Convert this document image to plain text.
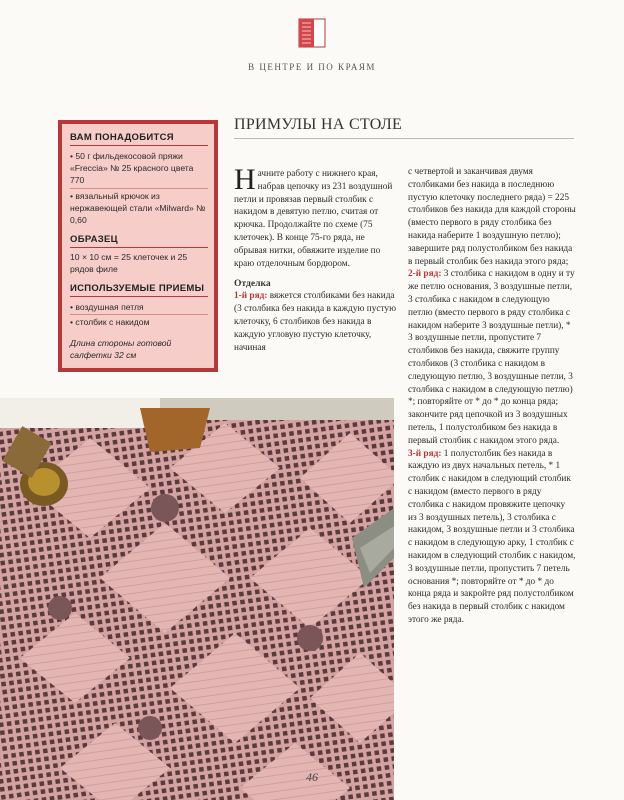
В ЦЕНТРЕ И ПО КРАЯМ
ВАМ ПОНАДОБИТСЯ
• 50 г фильдекосовой пряжи «Freccia» № 25 красного цвета 770
• вязальный крючок из нержавеющей стали «Milward» № 0,60
ОБРАЗЕЦ
10 × 10 см = 25 клеточек и 25 рядов филе
ИСПОЛЬЗУЕМЫЕ ПРИЕМЫ
• воздушная петля
• столбик с накидом
Длина стороны готовой салфетки 32 см
ПРИМУЛЫ НА СТОЛЕ

Начните работу с нижнего края, набрав цепочку из 231 воздушной петли и провязав первый столбик с накидом в девятую петлю, считая от крючка. Продолжайте по схеме (75 клеточек). В конце 75-го ряда, не обрывая нитки, обвяжите изделие по краю отделочным бордюром.

Отделка

1-й ряд: вяжется столбиками без накида (3 столбика без накида в каждую пустую клеточку, 6 столбиков без накида в каждую угловую пустую клеточку, начиная

с четвертой и заканчивая двумя столбиками без накида в последнюю пустую клеточку последнего ряда) = 225 столбиков без накида для каждой стороны (вместо первого в ряду столбика без накида наберите 1 воздушную петлю); завершите ряд полустолбиком без накида в первый столбик без накида этого ряда;

2-й ряд: 3 столбика с накидом в одну и ту же петлю основания, 3 воздушные петли, 3 столбика с накидом в следующую петлю (вместо первого в ряду столбика с накидом наберите 3 воздушные петли), * 3 воздушные петли, пропустите 7 столбиков без накида, свяжите группу столбиков (3 столбика с накидом в следующую петлю, 3 воздушные петли, 3 столбика с накидом в следующую петлю) *; повторяйте от * до * до конца ряда; закончите ряд цепочкой из 3 воздушных петель, 1 полустолбиком без накида в первый столбик с накидом этого ряда.

3-й ряд: 1 полустолбик без накида в каждую из двух начальных петель, * 1 столбик с накидом в следующий столбик с накидом (вместо первого в ряду столбика с накидом провяжите цепочку из 3 воздушных петель), 3 столбика с накидом, 3 воздушные петли и 3 столбика с накидом в следующую арку, 1 столбик с накидом в следующий столбик с накидом, 3 воздушные петли, пропустить 7 петель основания *; повторяйте от * до * до конца ряда и закройте ряд полустолбиком без накида в первый столбик с накидом этого же ряда.

46
